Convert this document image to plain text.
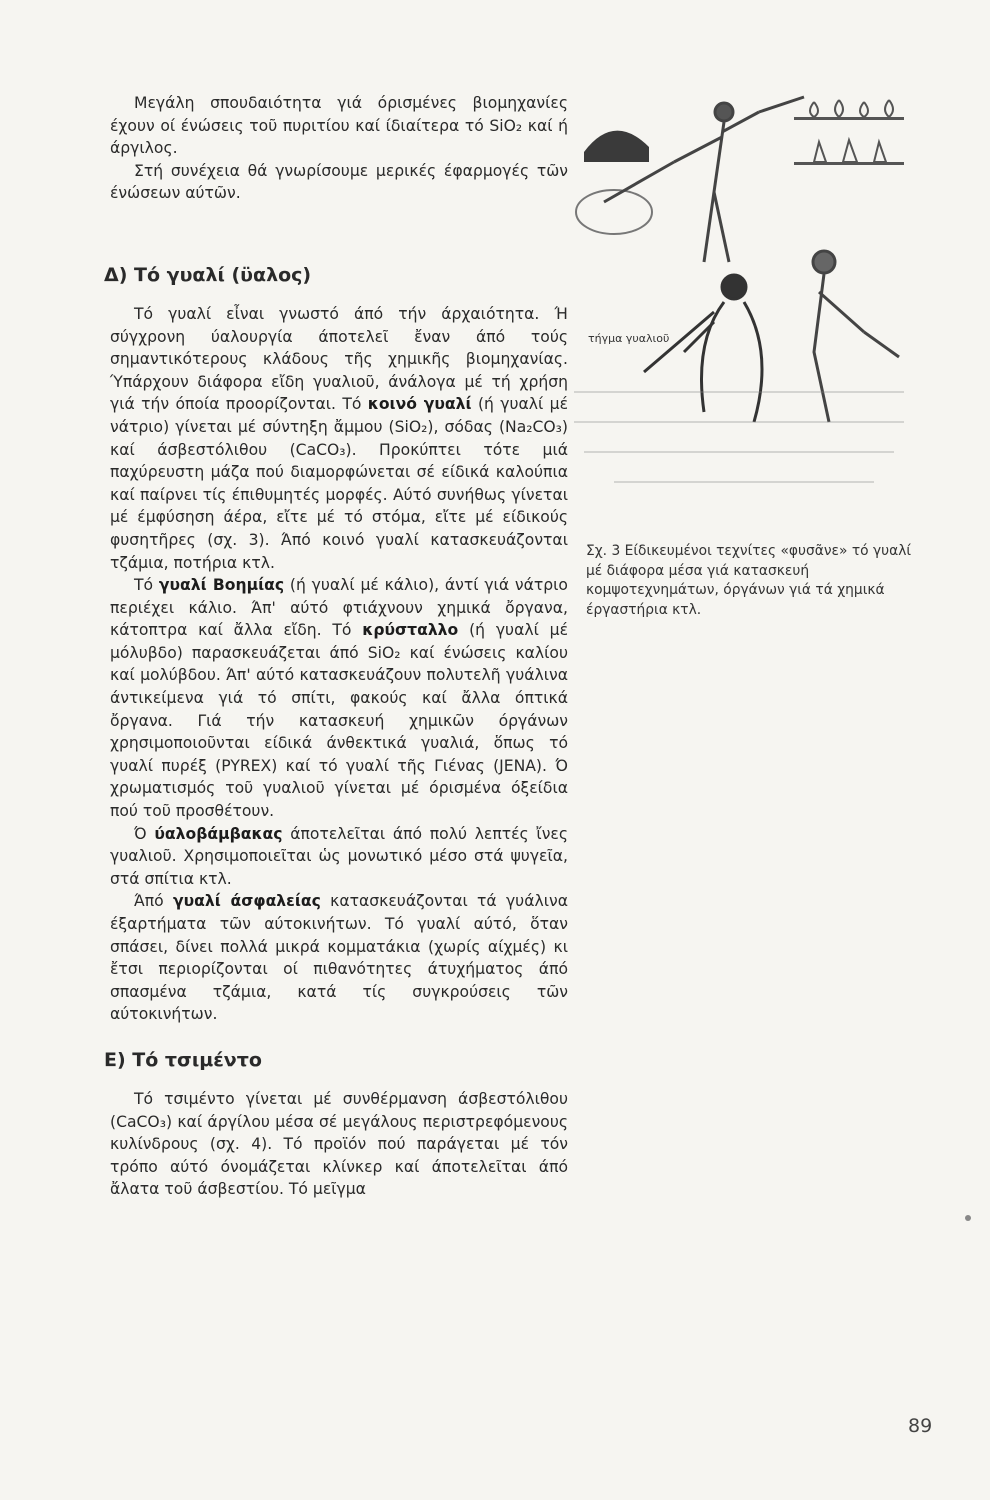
Μεγάλη σπουδαιότητα γιά όρισμένες βιομηχανίες έχουν οί ένώσεις τοῦ πυριτίου καί ίδιαίτερα τό SiO₂ καί ή άργιλος.

Στή συνέχεια θά γνωρίσουμε μερικές έφαρμογές τῶν ένώσεων αύτῶν.

Δ) Τό γυαλί (ϋαλος)

Τό γυαλί εἶναι γνωστό άπό τήν άρχαιότητα. Ή σύγχρονη ύαλουργία άποτελεῖ ἔναν άπό τούς σημαντικότερους κλάδους τῆς χημικῆς βιομηχανίας. Ύπάρχουν διάφορα εἴδη γυαλιοῦ, άνάλογα μέ τή χρήση γιά τήν όποία προορίζονται. Τό κοινό γυαλί (ή γυαλί μέ νάτριο) γίνεται μέ σύντηξη ἄμμου (SiO₂), σόδας (Na₂CO₃) καί άσβεστόλιθου (CaCO₃). Προκύπτει τότε μιά παχύρευστη μάζα πού διαμορφώνεται σέ είδικά καλούπια καί παίρνει τίς έπιθυμητές μορφές. Αύτό συνήθως γίνεται μέ έμφύσηση άέρα, εἴτε μέ τό στόμα, εἴτε μέ είδικούς φυσητῆρες (σχ. 3). Άπό κοινό γυαλί κατασκευάζονται τζάμια, ποτήρια κτλ.

Τό γυαλί Βοημίας (ή γυαλί μέ κάλιο), άντί γιά νάτριο περιέχει κάλιο. Άπ' αύτό φτιάχνουν χημικά ὄργανα, κάτοπτρα καί ἄλλα εἴδη. Τό κρύσταλλο (ή γυαλί μέ μόλυβδο) παρασκευάζεται άπό SiO₂ καί ένώσεις καλίου καί μολύβδου. Άπ' αύτό κατασκευάζουν πολυτελῆ γυάλινα άντικείμενα γιά τό σπίτι, φακούς καί ἄλλα όπτικά ὄργανα. Γιά τήν κατασκευή χημικῶν όργάνων χρησιμοποιοῦνται είδικά άνθεκτικά γυαλιά, ὅπως τό γυαλί πυρέξ (PYREX) καί τό γυαλί τῆς Γιένας (JENA). Ό χρωματισμός τοῦ γυαλιοῦ γίνεται μέ όρισμένα όξείδια πού τοῦ προσθέτουν.

Ό ύαλοβάμβακας άποτελεῖται άπό πολύ λεπτές ἴνες γυαλιοῦ. Χρησιμοποιεῖται ὡς μονωτικό μέσο στά ψυγεῖα, στά σπίτια κτλ.

Άπό γυαλί άσφαλείας κατασκευάζονται τά γυάλινα έξαρτήματα τῶν αύτοκινήτων. Τό γυαλί αύτό, ὅταν σπάσει, δίνει πολλά μικρά κομματάκια (χωρίς αίχμές) κι ἔτσι περιορίζονται οί πιθανότητες άτυχήματος άπό σπασμένα τζάμια, κατά τίς συγκρούσεις τῶν αύτοκινήτων.

Ε) Τό τσιμέντο

Τό τσιμέντο γίνεται μέ συνθέρμανση άσβεστόλιθου (CaCO₃) καί άργίλου μέσα σέ μεγάλους περιστρεφόμενους κυλίνδρους (σχ. 4). Τό προϊόν πού παράγεται μέ τόν τρόπο αύτό όνομάζεται κλίνκερ καί άποτελεῖται άπό ἄλατα τοῦ άσβεστίου. Τό μεῖγμα

τήγμα γυαλιοῦ
Σχ. 3 Είδικευμένοι τεχνίτες «φυσᾶνε» τό γυαλί μέ διάφορα μέσα γιά κατασκευή κομψοτεχνημάτων, όργάνων γιά τά χημικά έργαστήρια κτλ.
89
